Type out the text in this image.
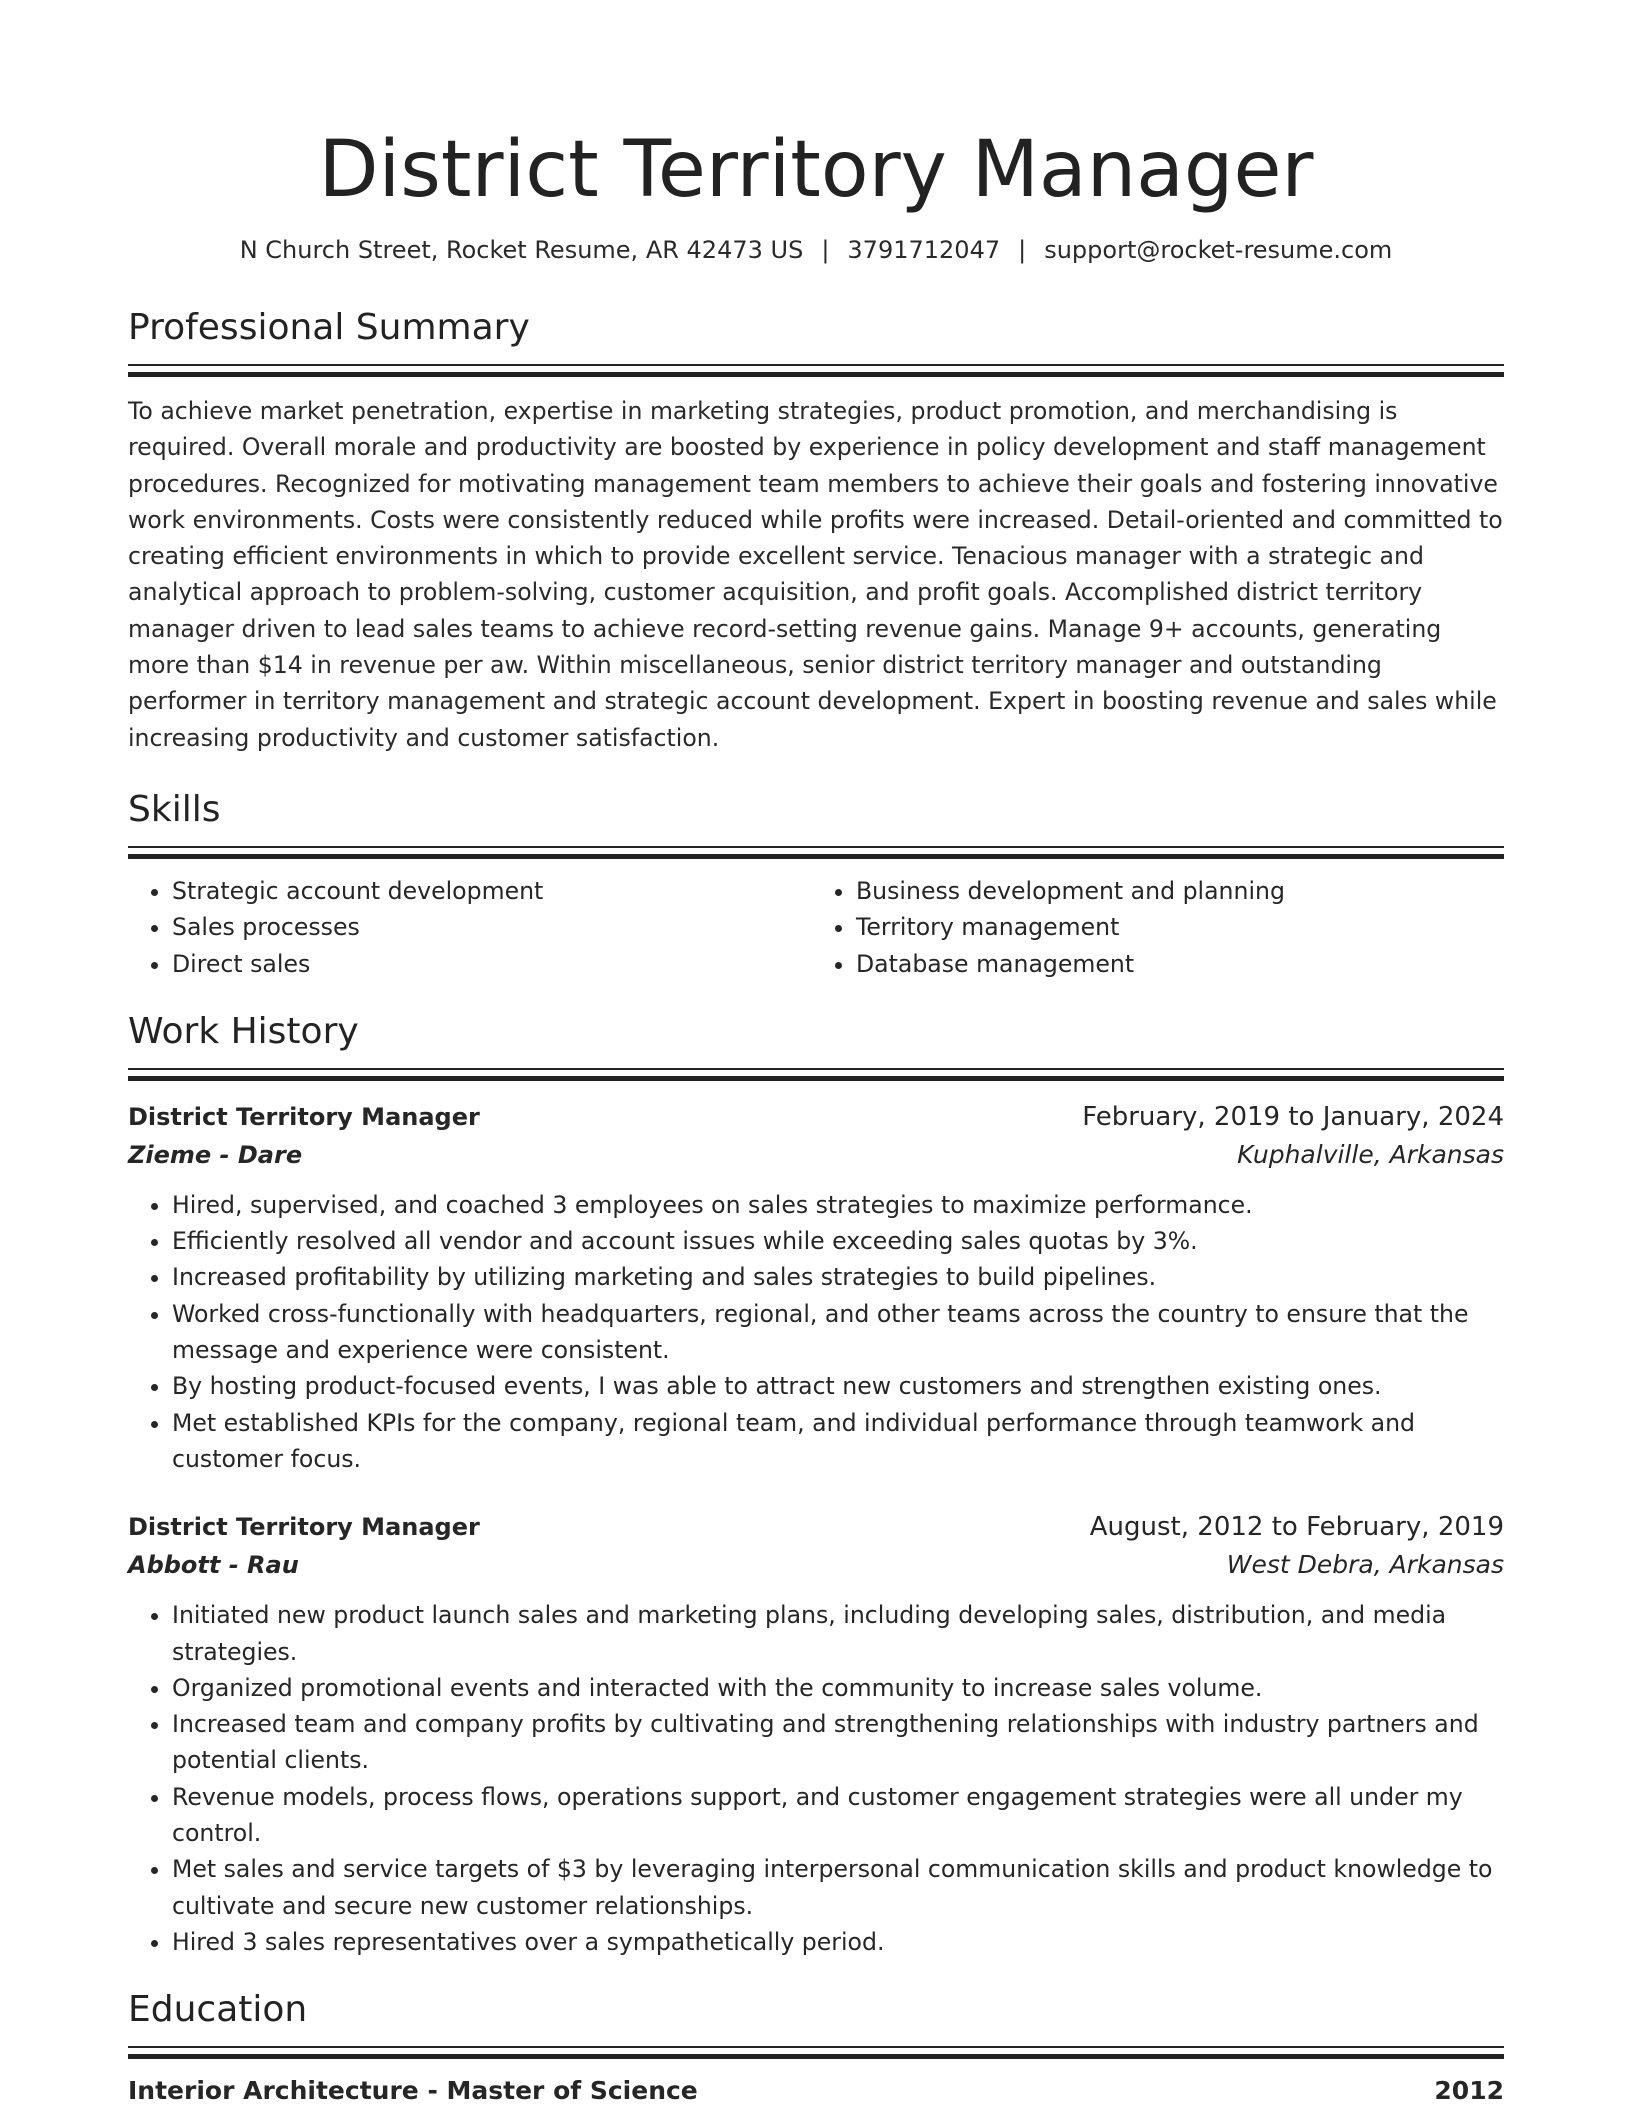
District Territory Manager
N Church Street, Rocket Resume, AR 42473 US | 3791712047 | support@rocket-resume.com
Professional Summary
To achieve market penetration, expertise in marketing strategies, product promotion, and merchandising is required. Overall morale and productivity are boosted by experience in policy development and staff management procedures. Recognized for motivating management team members to achieve their goals and fostering innovative work environments. Costs were consistently reduced while profits were increased. Detail-oriented and committed to creating efficient environments in which to provide excellent service. Tenacious manager with a strategic and analytical approach to problem-solving, customer acquisition, and profit goals. Accomplished district territory manager driven to lead sales teams to achieve record-setting revenue gains. Manage 9+ accounts, generating more than $14 in revenue per aw. Within miscellaneous, senior district territory manager and outstanding performer in territory management and strategic account development. Expert in boosting revenue and sales while increasing productivity and customer satisfaction.
Skills
• Strategic account development
• Sales processes
• Direct sales
• Business development and planning
• Territory management
• Database management
Work History
District Territory Manager	February, 2019 to January, 2024
Zieme - Dare	Kuphalville, Arkansas
• Hired, supervised, and coached 3 employees on sales strategies to maximize performance.
• Efficiently resolved all vendor and account issues while exceeding sales quotas by 3%.
• Increased profitability by utilizing marketing and sales strategies to build pipelines.
• Worked cross-functionally with headquarters, regional, and other teams across the country to ensure that the message and experience were consistent.
• By hosting product-focused events, I was able to attract new customers and strengthen existing ones.
• Met established KPIs for the company, regional team, and individual performance through teamwork and customer focus.
District Territory Manager	August, 2012 to February, 2019
Abbott - Rau	West Debra, Arkansas
• Initiated new product launch sales and marketing plans, including developing sales, distribution, and media strategies.
• Organized promotional events and interacted with the community to increase sales volume.
• Increased team and company profits by cultivating and strengthening relationships with industry partners and potential clients.
• Revenue models, process flows, operations support, and customer engagement strategies were all under my control.
• Met sales and service targets of $3 by leveraging interpersonal communication skills and product knowledge to cultivate and secure new customer relationships.
• Hired 3 sales representatives over a sympathetically period.
Education
Interior Architecture - Master of Science	2012
